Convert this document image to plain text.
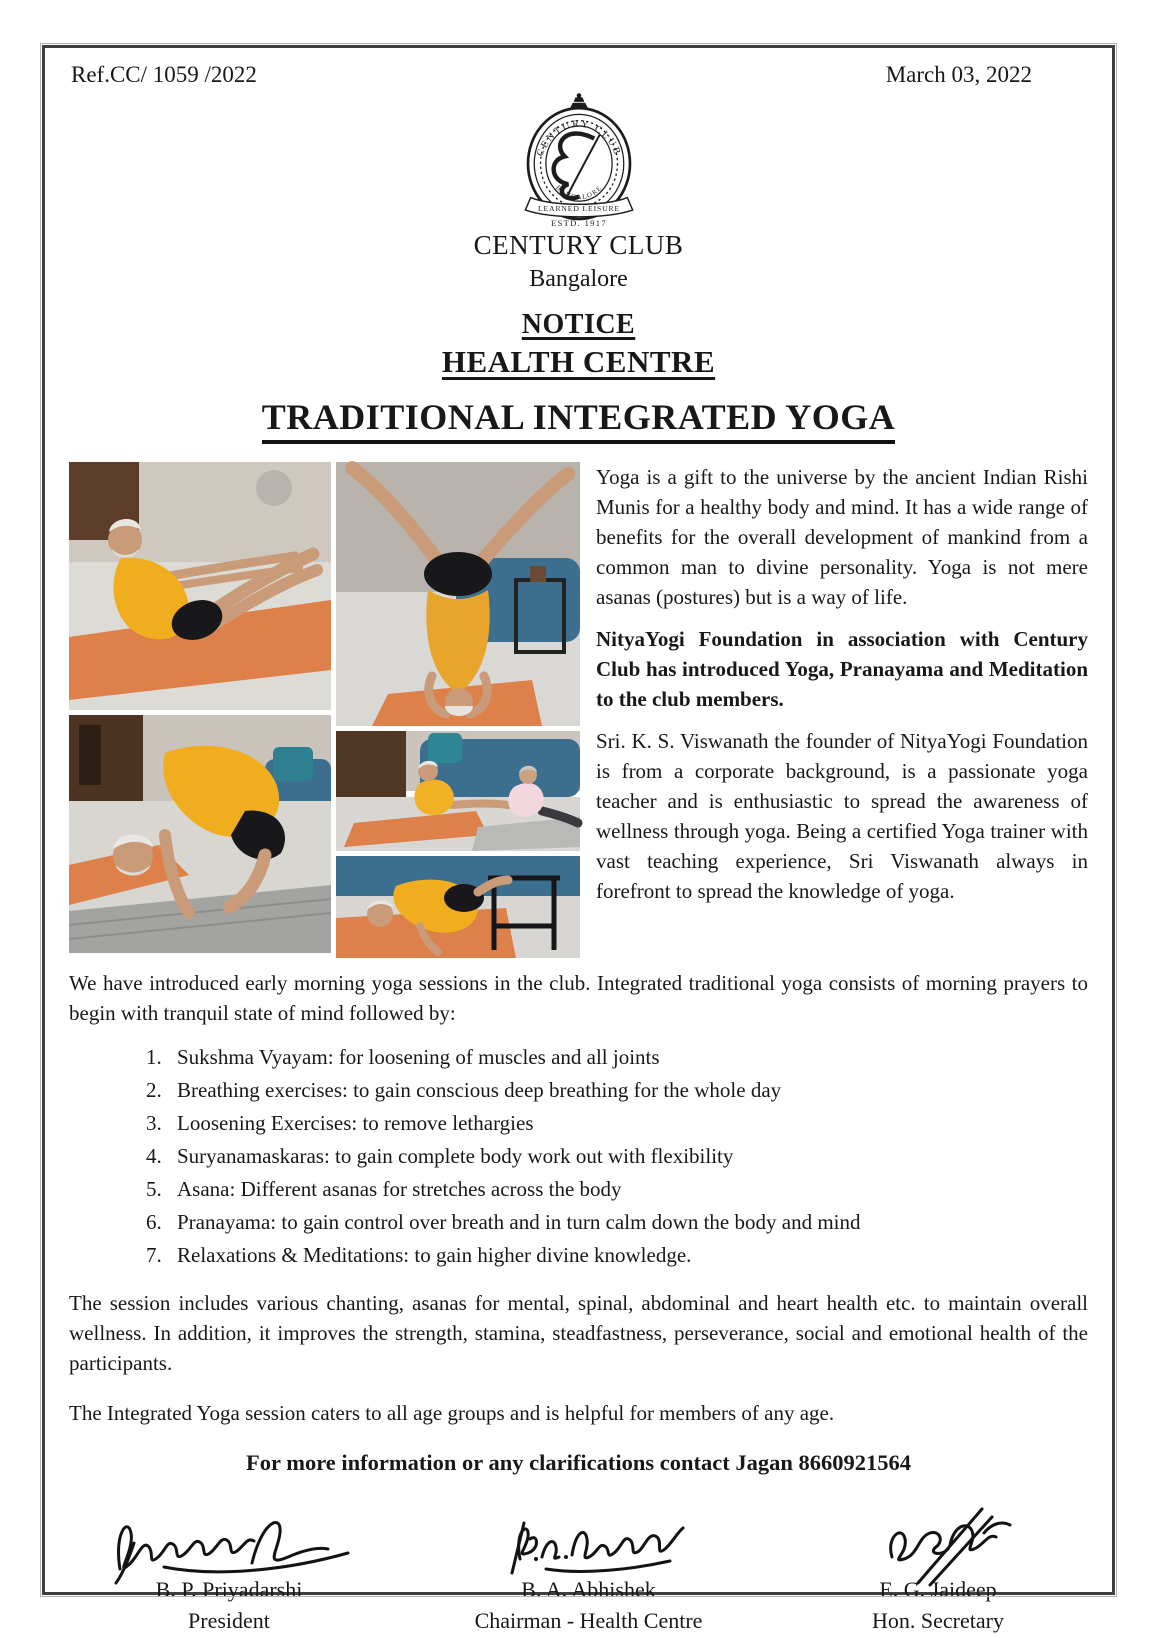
Ref.CC/ 1059 /2022	March 03, 2022
CENTURY CLUB
BANGALORE
LEARNED LEISURE
ESTD. 1917
CENTURY CLUB
Bangalore
NOTICE
HEALTH CENTRE
TRADITIONAL INTEGRATED YOGA

Yoga is a gift to the universe by the ancient Indian Rishi Munis for a healthy body and mind. It has a wide range of benefits for the overall development of mankind from a common man to divine personality. Yoga is not mere asanas (postures) but is a way of life.

NityaYogi Foundation in association with Century Club has introduced Yoga, Pranayama and Meditation to the club members.

Sri. K. S. Viswanath the founder of NityaYogi Foundation is from a corporate background, is a passionate yoga teacher and is enthusiastic to spread the awareness of wellness through yoga. Being a certified Yoga trainer with vast teaching experience, Sri Viswanath always in forefront to spread the knowledge of yoga.

We have introduced early morning yoga sessions in the club. Integrated traditional yoga consists of morning prayers to begin with tranquil state of mind followed by:

1. Sukshma Vyayam: for loosening of muscles and all joints
2. Breathing exercises: to gain conscious deep breathing for the whole day
3. Loosening Exercises: to remove lethargies
4. Suryanamaskaras: to gain complete body work out with flexibility
5. Asana: Different asanas for stretches across the body
6. Pranayama: to gain control over breath and in turn calm down the body and mind
7. Relaxations & Meditations: to gain higher divine knowledge.

The session includes various chanting, asanas for mental, spinal, abdominal and heart health etc. to maintain overall wellness. In addition, it improves the strength, stamina, steadfastness, perseverance, social and emotional health of the participants.

The Integrated Yoga session caters to all age groups and is helpful for members of any age.

For more information or any clarifications contact Jagan 8660921564

B. P. Priyadarshi
President
B. A. Abhishek
Chairman - Health Centre
E. G. Jaideep
Hon. Secretary
